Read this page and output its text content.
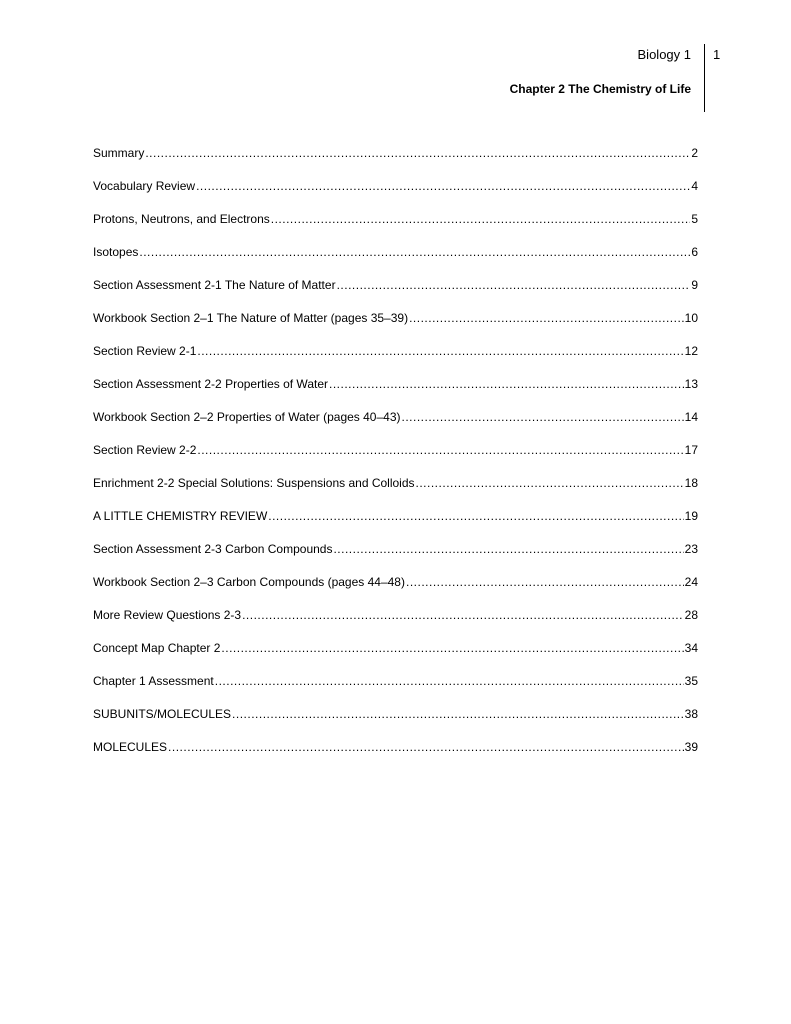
Biology 1
Chapter 2 The Chemistry of Life
1
Summary .....	2
Vocabulary Review .....	4
Protons, Neutrons, and Electrons .....	5
Isotopes .....	6
Section Assessment 2-1 The Nature of Matter .....	9
Workbook Section 2–1 The Nature of Matter (pages 35–39) .....	10
Section Review 2-1 .....	12
Section Assessment 2-2 Properties of Water .....	13
Workbook Section 2–2 Properties of Water (pages 40–43) .....	14
Section Review 2-2 .....	17
Enrichment 2-2 Special Solutions: Suspensions and Colloids .....	18
A LITTLE CHEMISTRY REVIEW .....	19
Section Assessment 2-3 Carbon Compounds .....	23
Workbook Section 2–3 Carbon Compounds (pages 44–48) .....	24
More Review Questions 2-3 .....	28
Concept Map Chapter 2 .....	34
Chapter 1 Assessment .....	35
SUBUNITS/MOLECULES .....	38
MOLECULES .....	39
